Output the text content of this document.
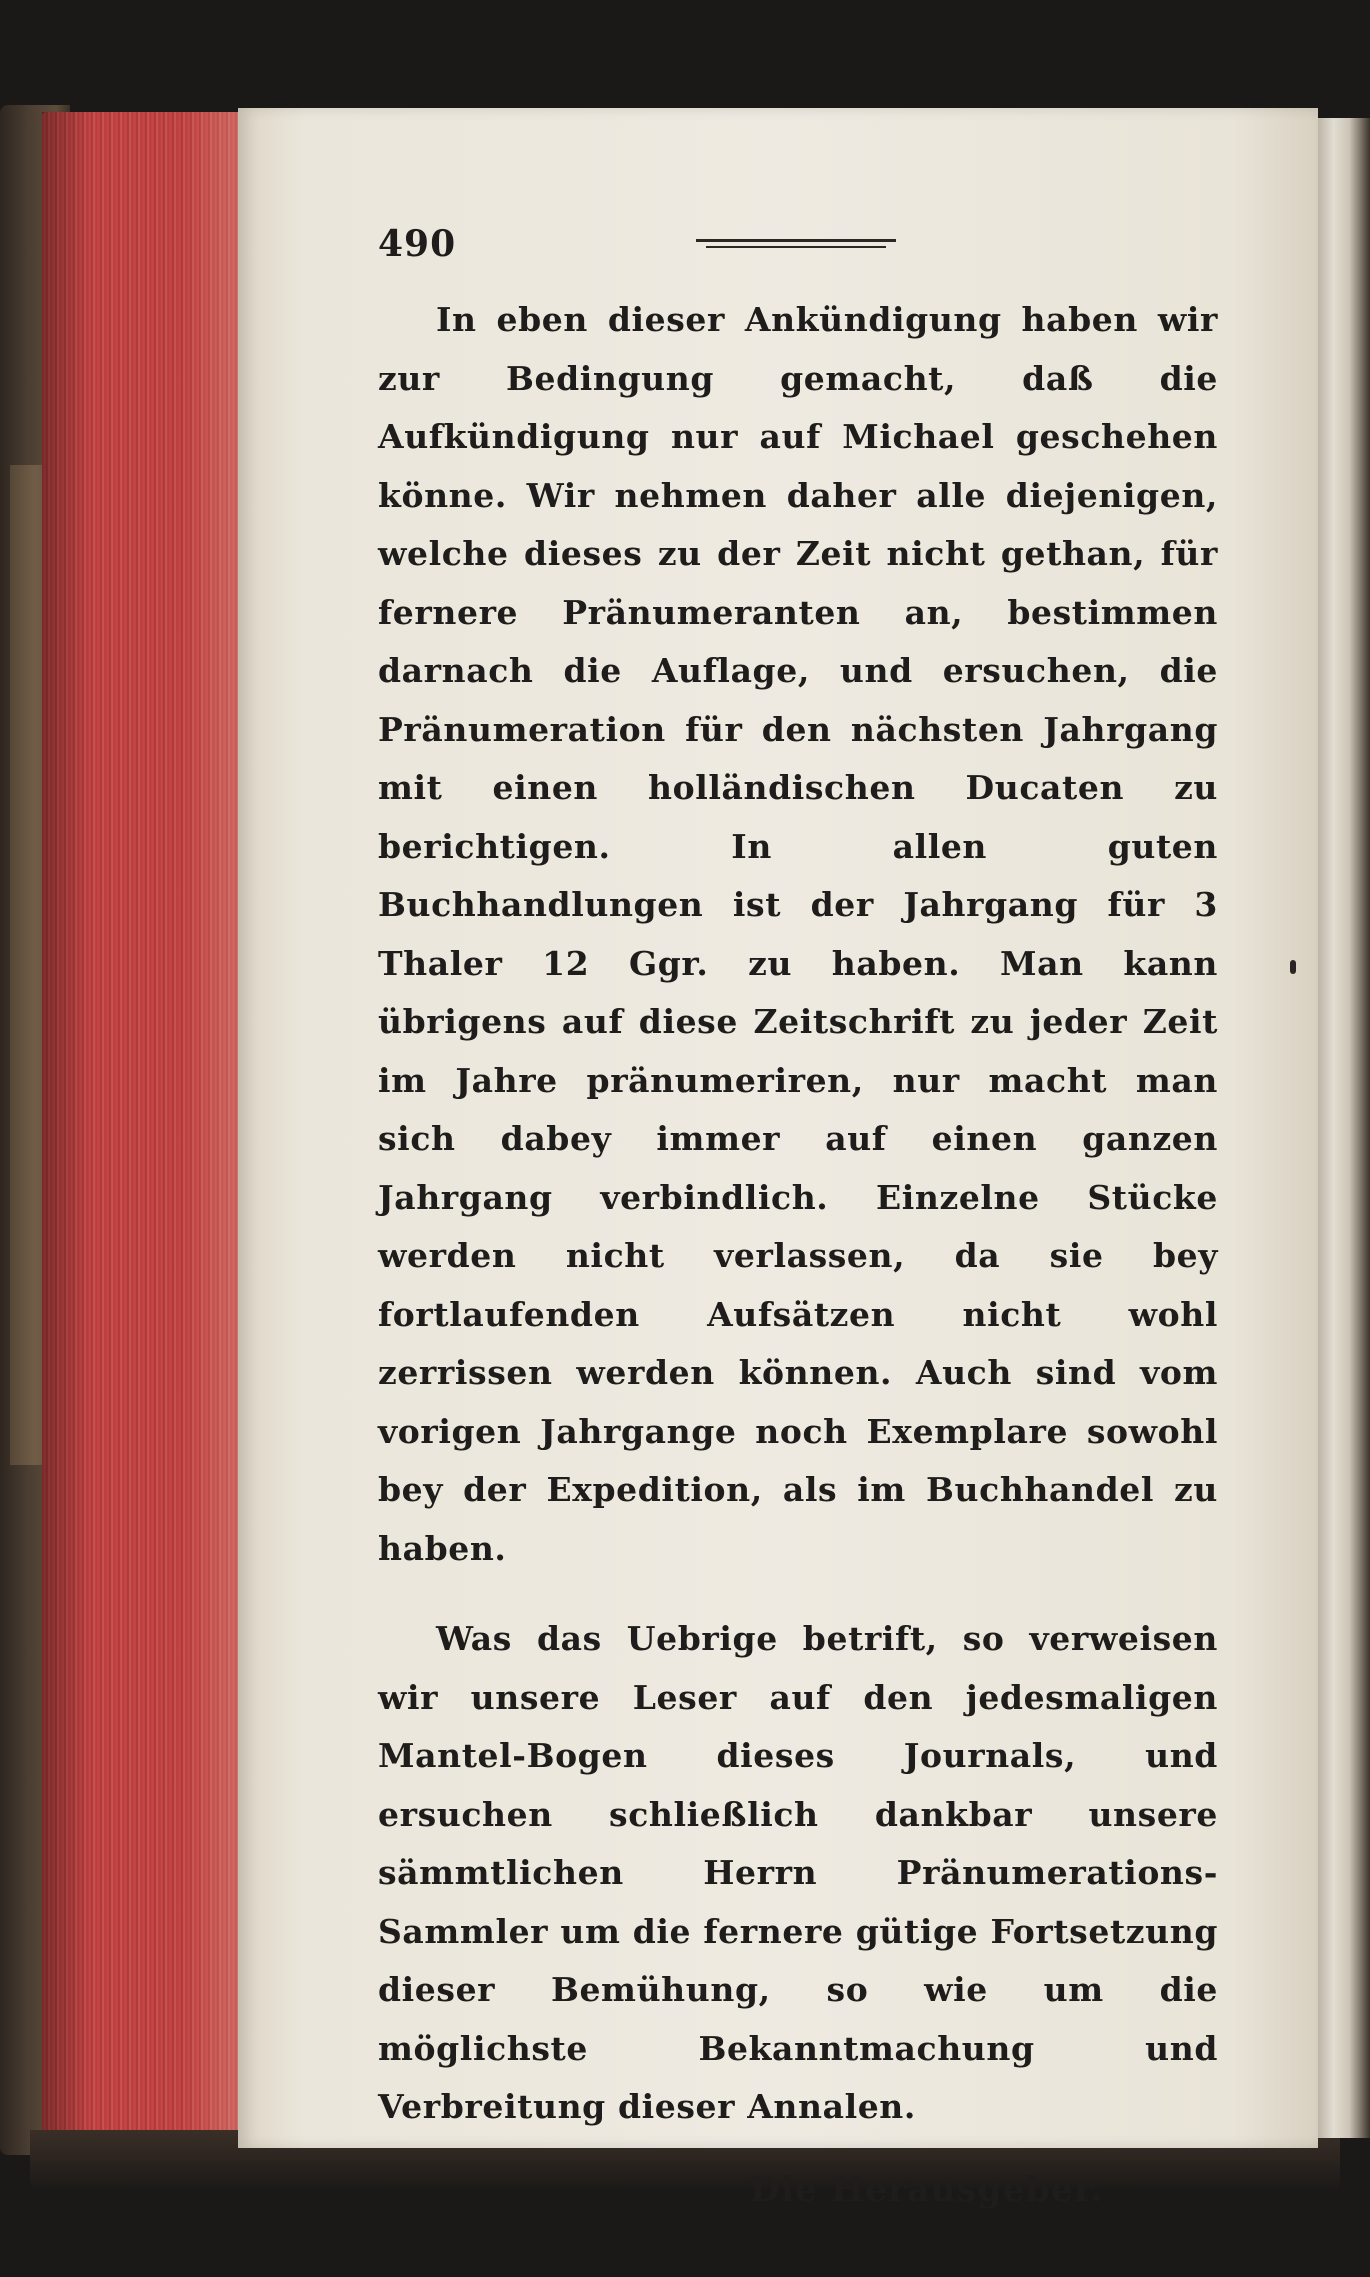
490

In eben dieser Ankündigung haben wir zur Bedingung gemacht, daß die Aufkündigung nur auf Michael geschehen könne. Wir nehmen daher alle diejenigen, welche dieses zu der Zeit nicht gethan, für fernere Pränumeranten an, bestimmen darnach die Auflage, und ersuchen, die Pränumeration für den nächsten Jahrgang mit einen holländischen Ducaten zu berichtigen. In allen guten Buchhandlungen ist der Jahrgang für 3 Thaler 12 Ggr. zu haben. Man kann übrigens auf diese Zeitschrift zu jeder Zeit im Jahre pränumeriren, nur macht man sich dabey immer auf einen ganzen Jahrgang verbindlich. Einzelne Stücke werden nicht verlassen, da sie bey fortlaufenden Aufsätzen nicht wohl zerrissen werden können. Auch sind vom vorigen Jahrgange noch Exemplare sowohl bey der Expedition, als im Buchhandel zu haben.

Was das Uebrige betrift, so verweisen wir unsere Leser auf den jedesmaligen Mantel-Bogen dieses Journals, und ersuchen schließlich dankbar unsere sämmtlichen Herrn Pränumerations-Sammler um die fernere gütige Fortsetzung dieser Bemühung, so wie um die möglichste Bekanntmachung und Verbreitung dieser Annalen.

Die Herausgeber.
